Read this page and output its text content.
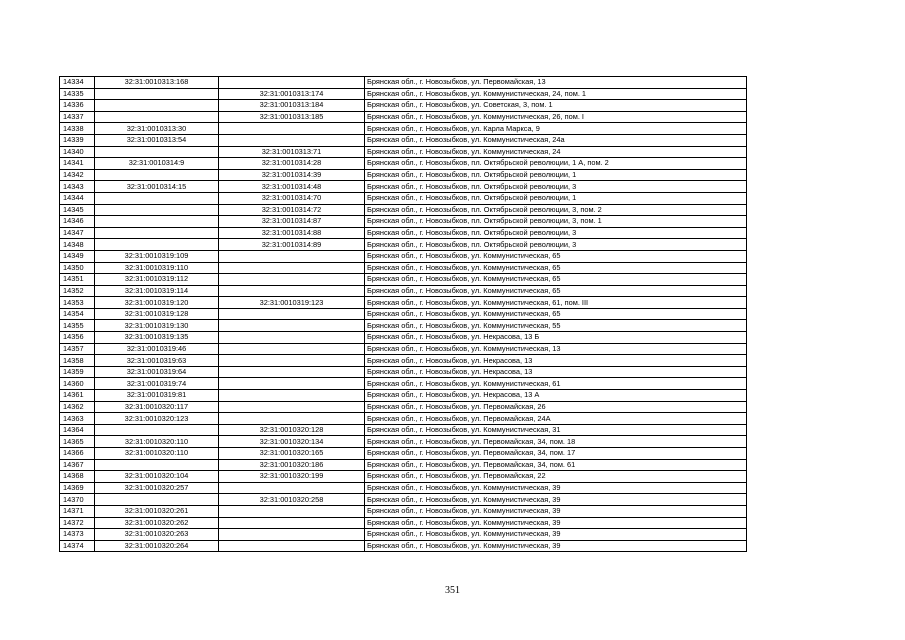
14334	32:31:0010313:168		Брянская обл., г. Новозыбков, ул. Первомайская, 13
14335		32:31:0010313:174	Брянская обл., г. Новозыбков, ул. Коммунистическая, 24, пом. 1
14336		32:31:0010313:184	Брянская обл., г. Новозыбков, ул. Советская, 3, пом. 1
14337		32:31:0010313:185	Брянская обл., г. Новозыбков, ул. Коммунистическая, 26, пом. I
14338	32:31:0010313:30		Брянская обл., г. Новозыбков, ул. Карла Маркса, 9
14339	32:31:0010313:54		Брянская обл., г. Новозыбков, ул. Коммунистическая, 24а
14340		32:31:0010313:71	Брянская обл., г. Новозыбков, ул. Коммунистическая, 24
14341	32:31:0010314:9	32:31:0010314:28	Брянская обл., г. Новозыбков, пл. Октябрьской революции, 1 А, пом. 2
14342		32:31:0010314:39	Брянская обл., г. Новозыбков, пл. Октябрьской революции, 1
14343	32:31:0010314:15	32:31:0010314:48	Брянская обл., г. Новозыбков, пл. Октябрьской революции, 3
14344		32:31:0010314:70	Брянская обл., г. Новозыбков, пл. Октябрьской революции, 1
14345		32:31:0010314:72	Брянская обл., г. Новозыбков, пл. Октябрьской революции, 3, пом. 2
14346		32:31:0010314:87	Брянская обл., г. Новозыбков, пл. Октябрьской революции, 3, пом. 1
14347		32:31:0010314:88	Брянская обл., г. Новозыбков, пл. Октябрьской революции, 3
14348		32:31:0010314:89	Брянская обл., г. Новозыбков, пл. Октябрьской революции, 3
14349	32:31:0010319:109		Брянская обл., г. Новозыбков, ул. Коммунистическая, 65
14350	32:31:0010319:110		Брянская обл., г. Новозыбков, ул. Коммунистическая, 65
14351	32:31:0010319:112		Брянская обл., г. Новозыбков, ул. Коммунистическая, 65
14352	32:31:0010319:114		Брянская обл., г. Новозыбков, ул. Коммунистическая, 65
14353	32:31:0010319:120	32:31:0010319:123	Брянская обл., г. Новозыбков, ул. Коммунистическая, 61, пом. III
14354	32:31:0010319:128		Брянская обл., г. Новозыбков, ул. Коммунистическая, 65
14355	32:31:0010319:130		Брянская обл., г. Новозыбков, ул. Коммунистическая, 55
14356	32:31:0010319:135		Брянская обл., г. Новозыбков, ул. Некрасова, 13 Б
14357	32:31:0010319:46		Брянская обл., г. Новозыбков, ул. Коммунистическая, 13
14358	32:31:0010319:63		Брянская обл., г. Новозыбков, ул. Некрасова, 13
14359	32:31:0010319:64		Брянская обл., г. Новозыбков, ул. Некрасова, 13
14360	32:31:0010319:74		Брянская обл., г. Новозыбков, ул. Коммунистическая, 61
14361	32:31:0010319:81		Брянская обл., г. Новозыбков, ул. Некрасова, 13 А
14362	32:31:0010320:117		Брянская обл., г. Новозыбков, ул. Первомайская, 26
14363	32:31:0010320:123		Брянская обл., г. Новозыбков, ул. Первомайская, 24А
14364		32:31:0010320:128	Брянская обл., г. Новозыбков, ул. Коммунистическая, 31
14365	32:31:0010320:110	32:31:0010320:134	Брянская обл., г. Новозыбков, ул. Первомайская, 34, пом. 18
14366	32:31:0010320:110	32:31:0010320:165	Брянская обл., г. Новозыбков, ул. Первомайская, 34, пом. 17
14367		32:31:0010320:186	Брянская обл., г. Новозыбков, ул. Первомайская, 34, пом. 61
14368	32:31:0010320:104	32:31:0010320:199	Брянская обл., г. Новозыбков, ул. Первомайская, 22
14369	32:31:0010320:257		Брянская обл., г. Новозыбков, ул. Коммунистическая, 39
14370		32:31:0010320:258	Брянская обл., г. Новозыбков, ул. Коммунистическая, 39
14371	32:31:0010320:261		Брянская обл., г. Новозыбков, ул. Коммунистическая, 39
14372	32:31:0010320:262		Брянская обл., г. Новозыбков, ул. Коммунистическая, 39
14373	32:31:0010320:263		Брянская обл., г. Новозыбков, ул. Коммунистическая, 39
14374	32:31:0010320:264		Брянская обл., г. Новозыбков, ул. Коммунистическая, 39
351
